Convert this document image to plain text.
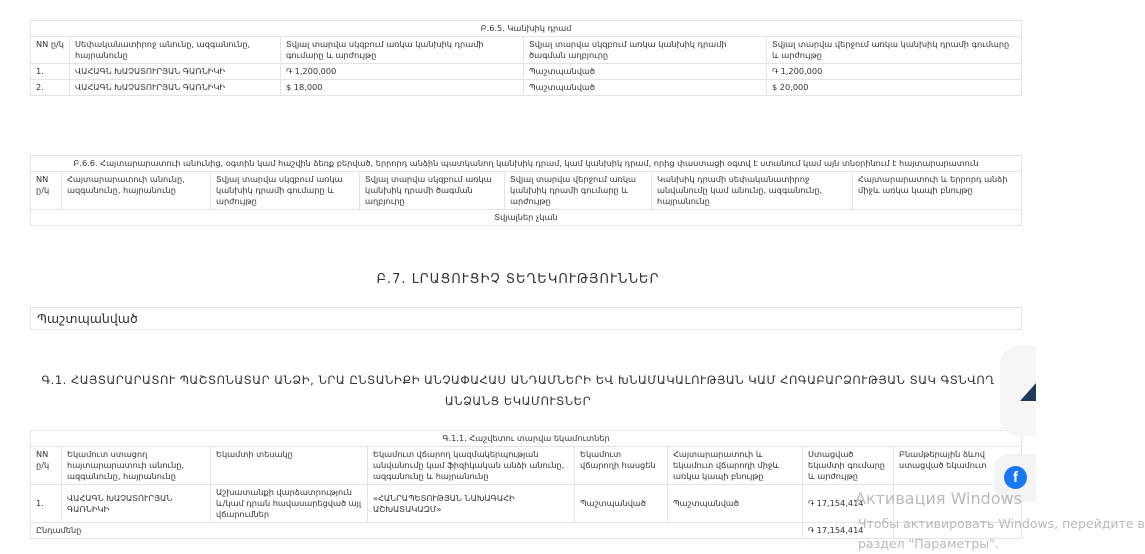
Բ.6.5. Կանխիկ դրամ				
NN ը/կ	Սեփականատիրոջ անունը, ազգանունը, հայրանունը	Տվյալ տարվա սկզբում առկա կանխիկ դրամի գումարը և արժույթը	Տվյալ տարվա սկզբում առկա կանխիկ դրամի ծագման աղբյուրը	Տվյալ տարվա վերջում առկա կանխիկ դրամի գումարը և արժույթը
1.	ՎԱՀԱԳՆ ԽԱՉԱՏՈՒՐՅԱՆ ԳԱՌՆԻԿԻ	֏ 1,200,000	Պաշտպանված	֏ 1,200,000
2.	ՎԱՀԱԳՆ ԽԱՉԱՏՈՒՐՅԱՆ ԳԱՌՆԻԿԻ	$ 18,000	Պաշտպանված	$ 20,000
Բ.6.6. Հայտարարատուի անունից, օգտին կամ հաշվին ձեռք բերված, երրորդ անձին պատկանող կանխիկ դրամ, կամ կանխիկ դրամ, որից փաստացի օգտվ է ստանում կամ այն տնօրինում է հայտարարատուն
NN ը/կ	Հայտարարատուի անունը, ազգանունը, հայրանունը	Տվյալ տարվա սկզբում առկա կանխիկ դրամի գումարը և արժույթը	Տվյալ տարվա սկզբում առկա կանխիկ դրամի ծագման աղբյուրը	Տվյալ տարվա վերջում առկա կանխիկ դրամի գումարը և արժույթը	Կանխիկ դրամի սեփականատիրոջ անվանումը կամ անունը, ազգանունը, հայրանունը	Հայտարարատուի և երրորդ անձի միջև առկա կապի բնույթը
Տվյալներ չկան
Բ.7. ԼՐԱՑՈՒՑԻՉ ՏԵՂԵԿՈՒԹՅՈՒՆՆԵՐ
Պաշտպանված
Գ.1. ՀԱՅՏԱՐԱՐԱՏՈՒ ՊԱՇՏՈՆԱՏԱՐ ԱՆՁԻ, ՆՐԱ ԸՆՏԱՆԻՔԻ ԱՆՉԱՓԱՀԱՍ ԱՆԴԱՄՆԵՐԻ ԵՎ ԽՆԱՄԱԿԱԼՈՒԹՅԱՆ ԿԱՄ ՀՈԳԱԲԱՐՁՈՒԹՅԱՆ ՏԱԿ ԳՏՆՎՈՂ
ԱՆՁԱՆՑ ԵԿԱՄՈՒՏՆԵՐ
Գ.1.1. Հաշվետու տարվա եկամուտներ							
NN ը/կ	Եկամուտ ստացող հայտարարատուի անունը, ազգանունը, հայրանունը	Եկամտի տեսակը	Եկամուտ վճարող կազմակերպության անվանումը կամ ֆիզիկական անձի անունը, ազգանունը և հայրանունը	Եկամուտ վճարողի հասցեն	Հայտարարատուի և եկամուտ վճարողի միջև առկա կապի բնույթը	Ստացված եկամտի գումարը և արժույթը	Բնամթերային ձևով ստացված եկամուտ
1.	ՎԱՀԱԳՆ ԽԱՉԱՏՈՒՐՅԱՆ ԳԱՌՆԻԿԻ	Աշխատանքի վարձատրություն և/կամ դրան հավասարեցված այլ վճարումներ	«ՀԱՆՐԱՊԵՏՈՒԹՅԱՆ ՆԱԽԱԳԱՀԻ ԱՇԽԱՏԱԿԱԶՄ»	Պաշտպանված	Պաշտպանված	֏ 17,154,414	
Ընդամենը						֏ 17,154,414	
f
Активация Windows
Чтобы активировать Windows, перейдите в
раздел "Параметры".
